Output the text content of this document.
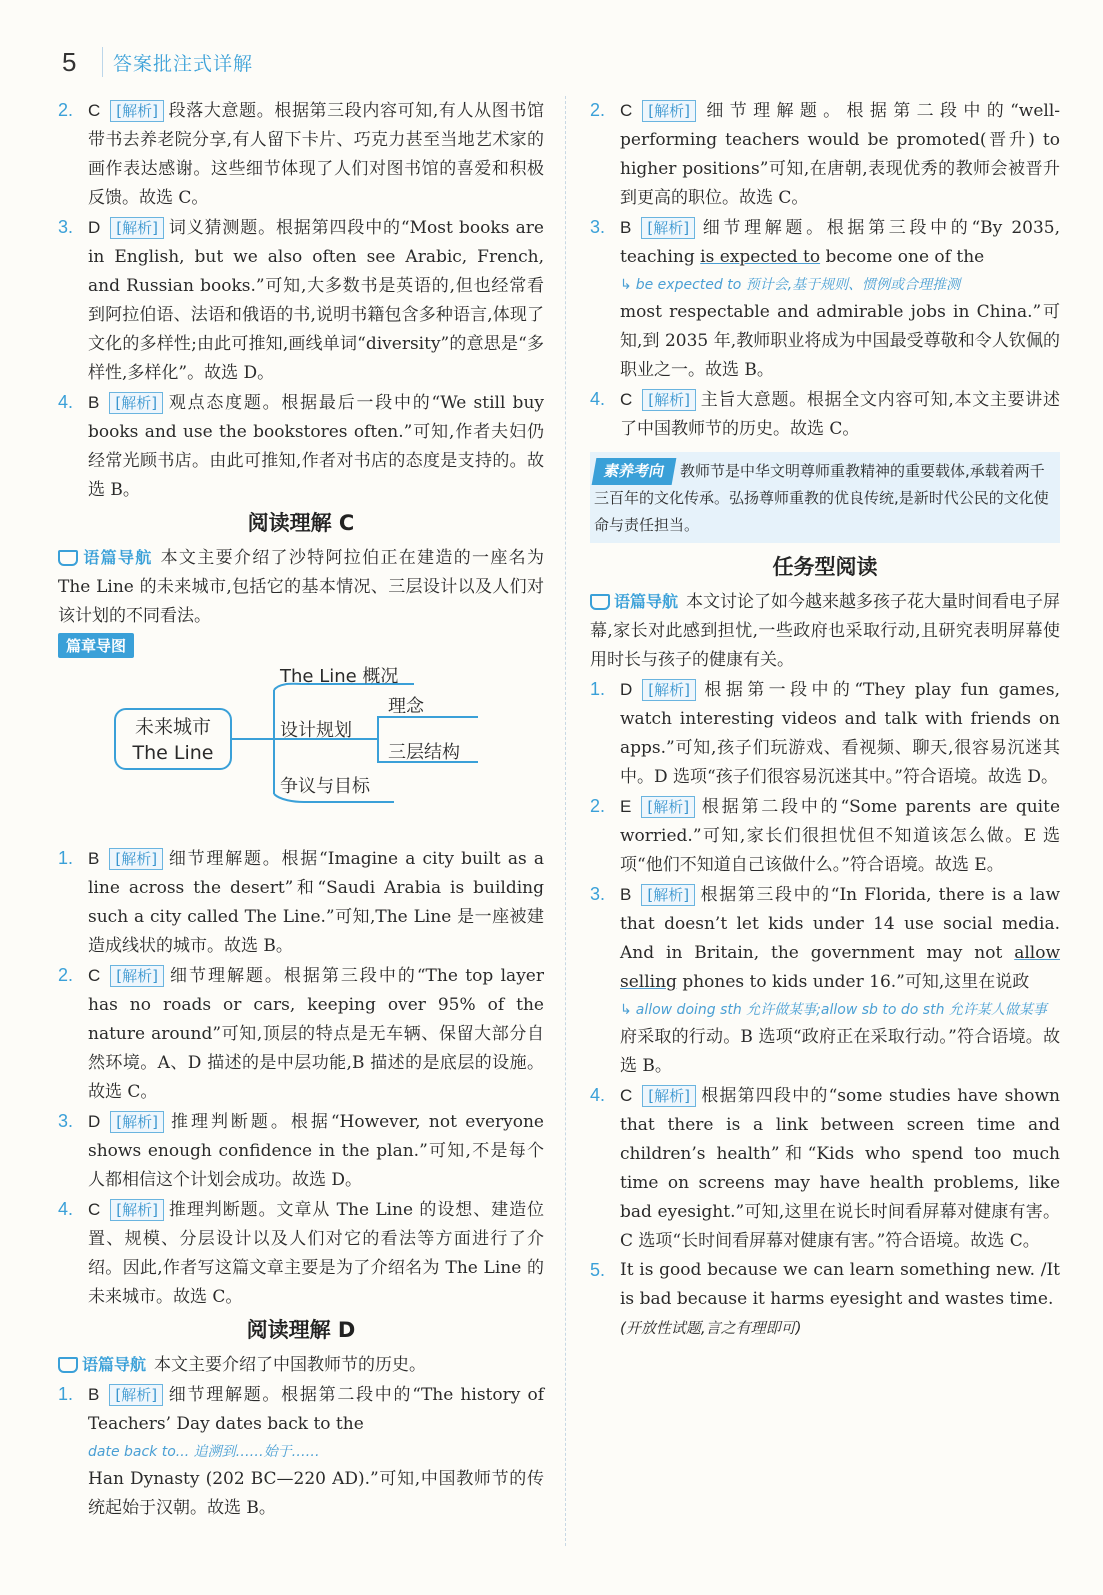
5	答案批注式详解

2. C [解析] 段落大意题。根据第三段内容可知,有人从图书馆带书去养老院分享,有人留下卡片、巧克力甚至当地艺术家的画作表达感谢。这些细节体现了人们对图书馆的喜爱和积极反馈。故选 C。

3. D [解析] 词义猜测题。根据第四段中的“Most books are in English, but we also often see Arabic, French, and Russian books.”可知,大多数书是英语的,但也经常看到阿拉伯语、法语和俄语的书,说明书籍包含多种语言,体现了文化的多样性;由此可推知,画线单词“diversity”的意思是“多样性,多样化”。故选 D。

4. B [解析] 观点态度题。根据最后一段中的“We still buy books and use the bookstores often.”可知,作者夫妇仍经常光顾书店。由此可推知,作者对书店的态度是支持的。故选 B。

阅读理解 C
语篇导航 本文主要介绍了沙特阿拉伯正在建造的一座名为 The Line 的未来城市,包括它的基本情况、三层设计以及人们对该计划的不同看法。
篇章导图
未来城市
The Line
The Line 概况
设计规划
理念
三层结构
争议与目标

1. B [解析] 细节理解题。根据“Imagine a city built as a line across the desert”和“Saudi Arabia is building such a city called The Line.”可知,The Line 是一座被建造成线状的城市。故选 B。

2. C [解析] 细节理解题。根据第三段中的“The top layer has no roads or cars, keeping over 95% of the nature around”可知,顶层的特点是无车辆、保留大部分自然环境。A、D 描述的是中层功能,B 描述的是底层的设施。故选 C。

3. D [解析] 推理判断题。根据“However, not everyone shows enough confidence in the plan.”可知,不是每个人都相信这个计划会成功。故选 D。

4. C [解析] 推理判断题。文章从 The Line 的设想、建造位置、规模、分层设计以及人们对它的看法等方面进行了介绍。因此,作者写这篇文章主要是为了介绍名为 The Line 的未来城市。故选 C。

阅读理解 D
语篇导航 本文主要介绍了中国教师节的历史。

1. B [解析] 细节理解题。根据第二段中的“The history of Teachers’ Day dates back to the

date back to... 追溯到……始于……

Han Dynasty (202 BC—220 AD).”可知,中国教师节的传统起始于汉朝。故选 B。

2. C [解析] 细节理解题。根据第二段中的“well-performing teachers would be promoted(晋升) to higher positions”可知,在唐朝,表现优秀的教师会被晋升到更高的职位。故选 C。

3. B [解析] 细节理解题。根据第三段中的“By 2035, teaching is expected to become one of the

↳ be expected to 预计会,基于规则、惯例或合理推测

most respectable and admirable jobs in China.”可知,到 2035 年,教师职业将成为中国最受尊敬和令人钦佩的职业之一。故选 B。

4. C [解析] 主旨大意题。根据全文内容可知,本文主要讲述了中国教师节的历史。故选 C。

素养考向 教师节是中华文明尊师重教精神的重要载体,承载着两千三百年的文化传承。弘扬尊师重教的优良传统,是新时代公民的文化使命与责任担当。
任务型阅读
语篇导航 本文讨论了如今越来越多孩子花大量时间看电子屏幕,家长对此感到担忧,一些政府也采取行动,且研究表明屏幕使用时长与孩子的健康有关。

1. D [解析] 根据第一段中的“They play fun games, watch interesting videos and talk with friends on apps.”可知,孩子们玩游戏、看视频、聊天,很容易沉迷其中。D 选项“孩子们很容易沉迷其中。”符合语境。故选 D。

2. E [解析] 根据第二段中的“Some parents are quite worried.”可知,家长们很担忧但不知道该怎么做。E 选项“他们不知道自己该做什么。”符合语境。故选 E。

3. B [解析] 根据第三段中的“In Florida, there is a law that doesn’t let kids under 14 use social media. And in Britain, the government may not allow selling phones to kids under 16.”可知,这里在说政

↳ allow doing sth 允许做某事;allow sb to do sth 允许某人做某事

府采取的行动。B 选项“政府正在采取行动。”符合语境。故选 B。

4. C [解析] 根据第四段中的“some studies have shown that there is a link between screen time and children’s health”和“Kids who spend too much time on screens may have health problems, like bad eyesight.”可知,这里在说长时间看屏幕对健康有害。C 选项“长时间看屏幕对健康有害。”符合语境。故选 C。

5. It is good because we can learn something new. /It is bad because it harms eyesight and wastes time.

(开放性试题,言之有理即可)
